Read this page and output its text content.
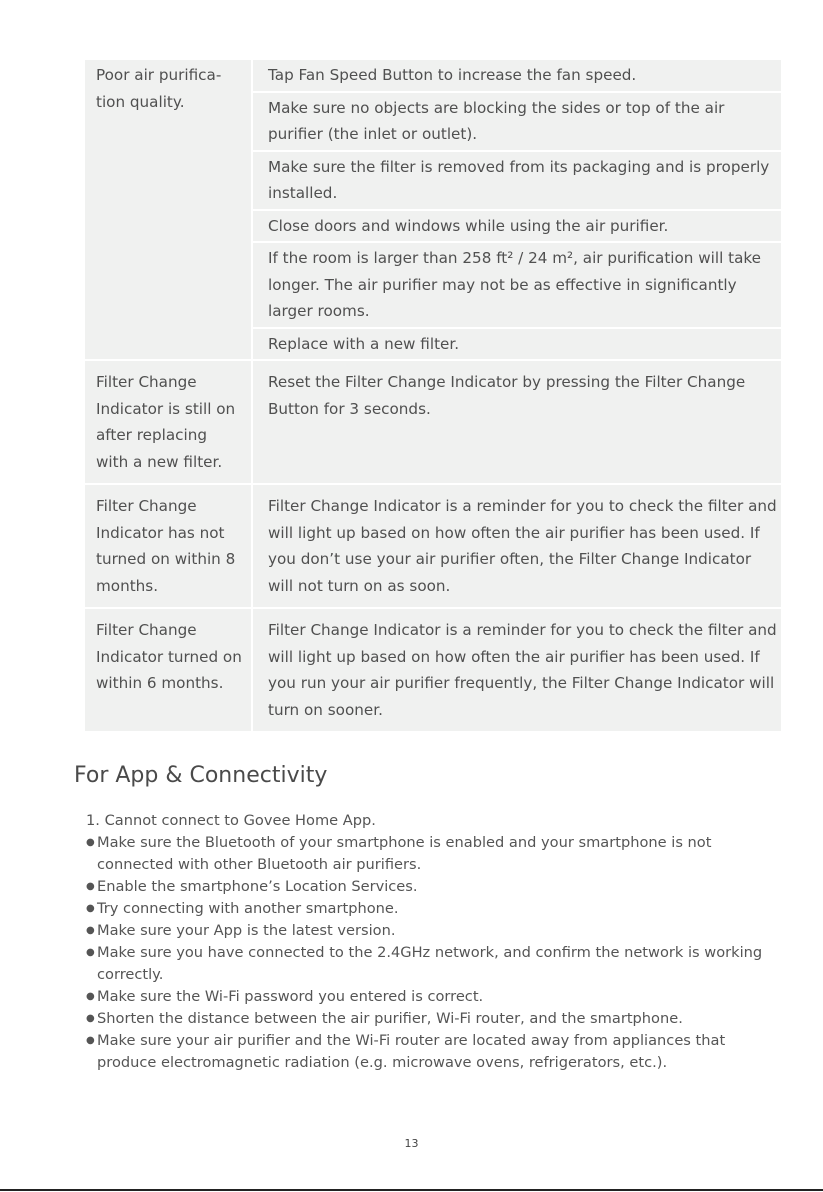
Poor air purifica-
tion quality.
Tap Fan Speed Button to increase the fan speed.
Make sure no objects are blocking the sides or top of the air purifier (the inlet or outlet).
Make sure the filter is removed from its packaging and is properly installed.
Close doors and windows while using the air purifier.
If the room is larger than 258 ft² / 24 m², air purification will take longer. The air purifier may not be as effective in significantly larger rooms.
Replace with a new filter.
Filter Change Indicator is still on after replacing with a new filter.
Reset the Filter Change Indicator by pressing the Filter Change Button for 3 seconds.
Filter Change Indicator has not turned on within 8 months.
Filter Change Indicator is a reminder for you to check the filter and will light up based on how often the air purifier has been used. If you don’t use your air purifier often, the Filter Change Indicator will not turn on as soon.
Filter Change Indicator turned on within 6 months.
Filter Change Indicator is a reminder for you to check the filter and will light up based on how often the air purifier has been used. If you run your air purifier frequently, the Filter Change Indicator will turn on sooner.
For App & Connectivity

1. Cannot connect to Govee Home App.

● Make sure the Bluetooth of your smartphone is enabled and your smartphone is not connected with other Bluetooth air purifiers.
● Enable the smartphone’s Location Services.
● Try connecting with another smartphone.
● Make sure your App is the latest version.
● Make sure you have connected to the 2.4GHz network, and confirm the network is working correctly.
● Make sure the Wi-Fi password you entered is correct.
● Shorten the distance between the air purifier, Wi-Fi router, and the smartphone.
● Make sure your air purifier and the Wi-Fi router are located away from appliances that produce electromagnetic radiation (e.g. microwave ovens, refrigerators, etc.).
13
